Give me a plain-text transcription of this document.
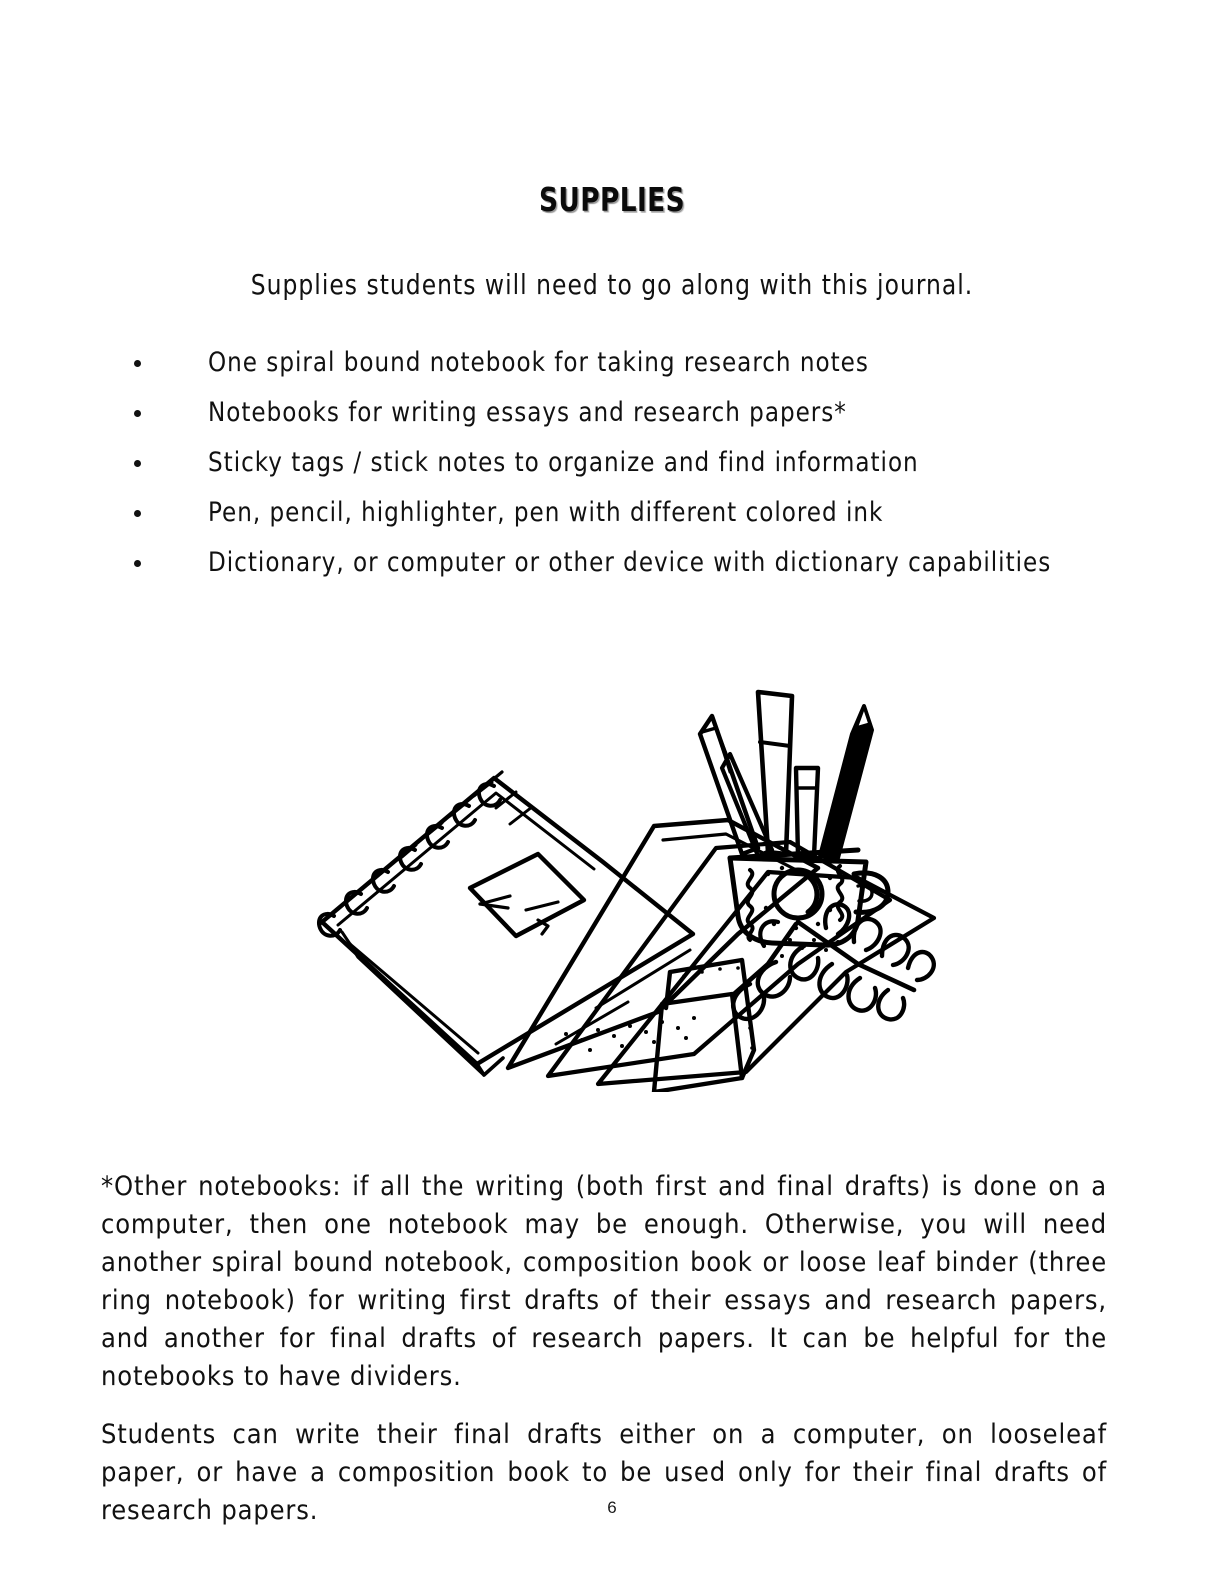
SUPPLIES

Supplies students will need to go along with this journal.

One spiral bound notebook for taking research notes
Notebooks for writing essays and research papers*
Sticky tags / stick notes to organize and find information
Pen, pencil, highlighter, pen with different colored ink
Dictionary, or computer or other device with dictionary capabilities

*Other notebooks: if all the writing (both first and final drafts) is done on a computer, then one notebook may be enough. Otherwise, you will need another spiral bound notebook, composition book or loose leaf binder (three ring notebook) for writing first drafts of their essays and research papers, and another for final drafts of research papers. It can be helpful for the notebooks to have dividers.

Students can write their final drafts either on a computer, on looseleaf paper, or have a composition book to be used only for their final drafts of research papers.	6
